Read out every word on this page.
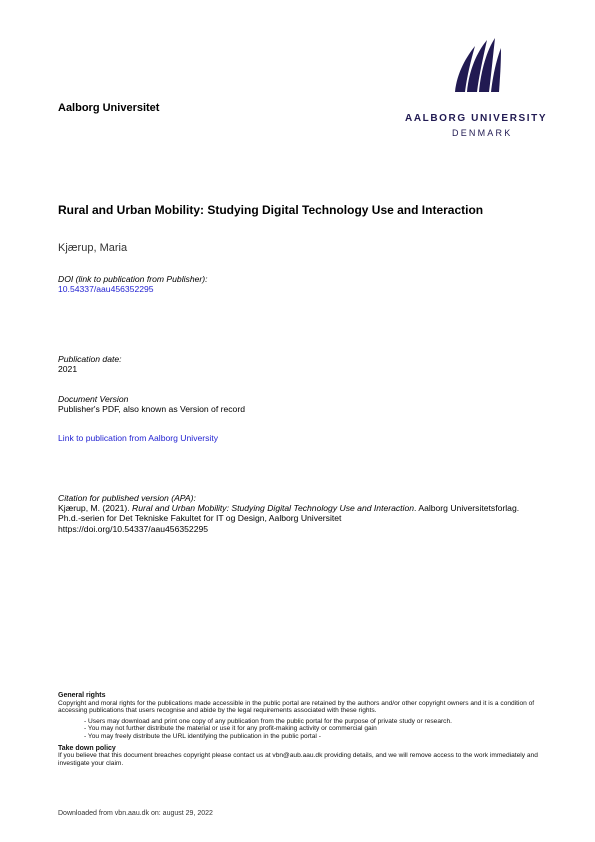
Aalborg Universitet
AALBORG UNIVERSITY
DENMARK
Rural and Urban Mobility: Studying Digital Technology Use and Interaction
Kjærup, Maria
DOI (link to publication from Publisher):
10.54337/aau456352295
Publication date:
2021
Document Version
Publisher's PDF, also known as Version of record
Link to publication from Aalborg University
Citation for published version (APA):
Kjærup, M. (2021). Rural and Urban Mobility: Studying Digital Technology Use and Interaction. Aalborg Universitetsforlag. Ph.d.-serien for Det Tekniske Fakultet for IT og Design, Aalborg Universitet
https://doi.org/10.54337/aau456352295
General rights
Copyright and moral rights for the publications made accessible in the public portal are retained by the authors and/or other copyright owners and it is a condition of accessing publications that users recognise and abide by the legal requirements associated with these rights.
- Users may download and print one copy of any publication from the public portal for the purpose of private study or research.
- You may not further distribute the material or use it for any profit-making activity or commercial gain
- You may freely distribute the URL identifying the publication in the public portal -
Take down policy
If you believe that this document breaches copyright please contact us at vbn@aub.aau.dk providing details, and we will remove access to the work immediately and investigate your claim.
Downloaded from vbn.aau.dk on: august 29, 2022
